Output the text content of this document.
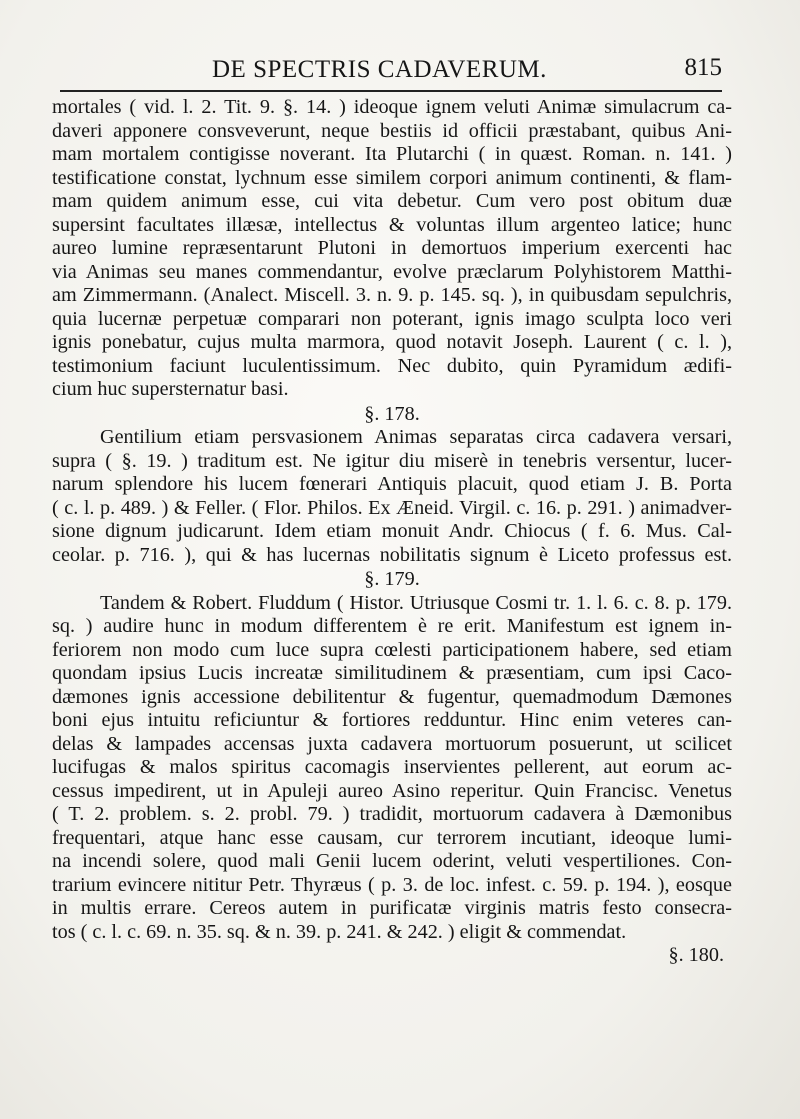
DE SPECTRIS CADAVERUM.	815
mortales ( vid. l. 2. Tit. 9. §. 14. ) ideoque ignem veluti Animæ simulacrum ca-
daveri apponere consveverunt, neque bestiis id officii præstabant, quibus Ani-
mam mortalem contigisse noverant. Ita Plutarchi ( in quæst. Roman. n. 141. )
testificatione constat, lychnum esse similem corpori animum continenti, & flam-
mam quidem animum esse, cui vita debetur. Cum vero post obitum duæ
supersint facultates illæsæ, intellectus & voluntas illum argenteo latice; hunc
aureo lumine repræsentarunt Plutoni in demortuos imperium exercenti hac
via Animas seu manes commendantur, evolve præclarum Polyhistorem Matthi-
am Zimmermann. (Analect. Miscell. 3. n. 9. p. 145. sq. ), in quibusdam sepulchris,
quia lucernæ perpetuæ comparari non poterant, ignis imago sculpta loco veri
ignis ponebatur, cujus multa marmora, quod notavit Joseph. Laurent ( c. l. ),
testimonium faciunt luculentissimum. Nec dubito, quin Pyramidum ædifi-
cium huc supersternatur basi.
§. 178.
Gentilium etiam persvasionem Animas separatas circa cadavera versari,
supra ( §. 19. ) traditum est. Ne igitur diu miserè in tenebris versentur, lucer-
narum splendore his lucem fœnerari Antiquis placuit, quod etiam J. B. Porta
( c. l. p. 489. ) & Feller. ( Flor. Philos. Ex Æneid. Virgil. c. 16. p. 291. ) animadver-
sione dignum judicarunt. Idem etiam monuit Andr. Chiocus ( f. 6. Mus. Cal-
ceolar. p. 716. ), qui & has lucernas nobilitatis signum è Liceto professus est.
§. 179.
Tandem & Robert. Fluddum ( Histor. Utriusque Cosmi tr. 1. l. 6. c. 8. p. 179.
sq. ) audire hunc in modum differentem è re erit. Manifestum est ignem in-
feriorem non modo cum luce supra cœlesti participationem habere, sed etiam
quondam ipsius Lucis increatæ similitudinem & præsentiam, cum ipsi Caco-
dæmones ignis accessione debilitentur & fugentur, quemadmodum Dæmones
boni ejus intuitu reficiuntur & fortiores redduntur. Hinc enim veteres can-
delas & lampades accensas juxta cadavera mortuorum posuerunt, ut scilicet
lucifugas & malos spiritus cacomagis inservientes pellerent, aut eorum ac-
cessus impedirent, ut in Apuleji aureo Asino reperitur. Quin Francisc. Venetus
( T. 2. problem. s. 2. probl. 79. ) tradidit, mortuorum cadavera à Dæmonibus
frequentari, atque hanc esse causam, cur terrorem incutiant, ideoque lumi-
na incendi solere, quod mali Genii lucem oderint, veluti vespertiliones. Con-
trarium evincere nititur Petr. Thyræus ( p. 3. de loc. infest. c. 59. p. 194. ), eosque
in multis errare. Cereos autem in purificatæ virginis matris festo consecra-
tos ( c. l. c. 69. n. 35. sq. & n. 39. p. 241. & 242. ) eligit & commendat.
§. 180.
